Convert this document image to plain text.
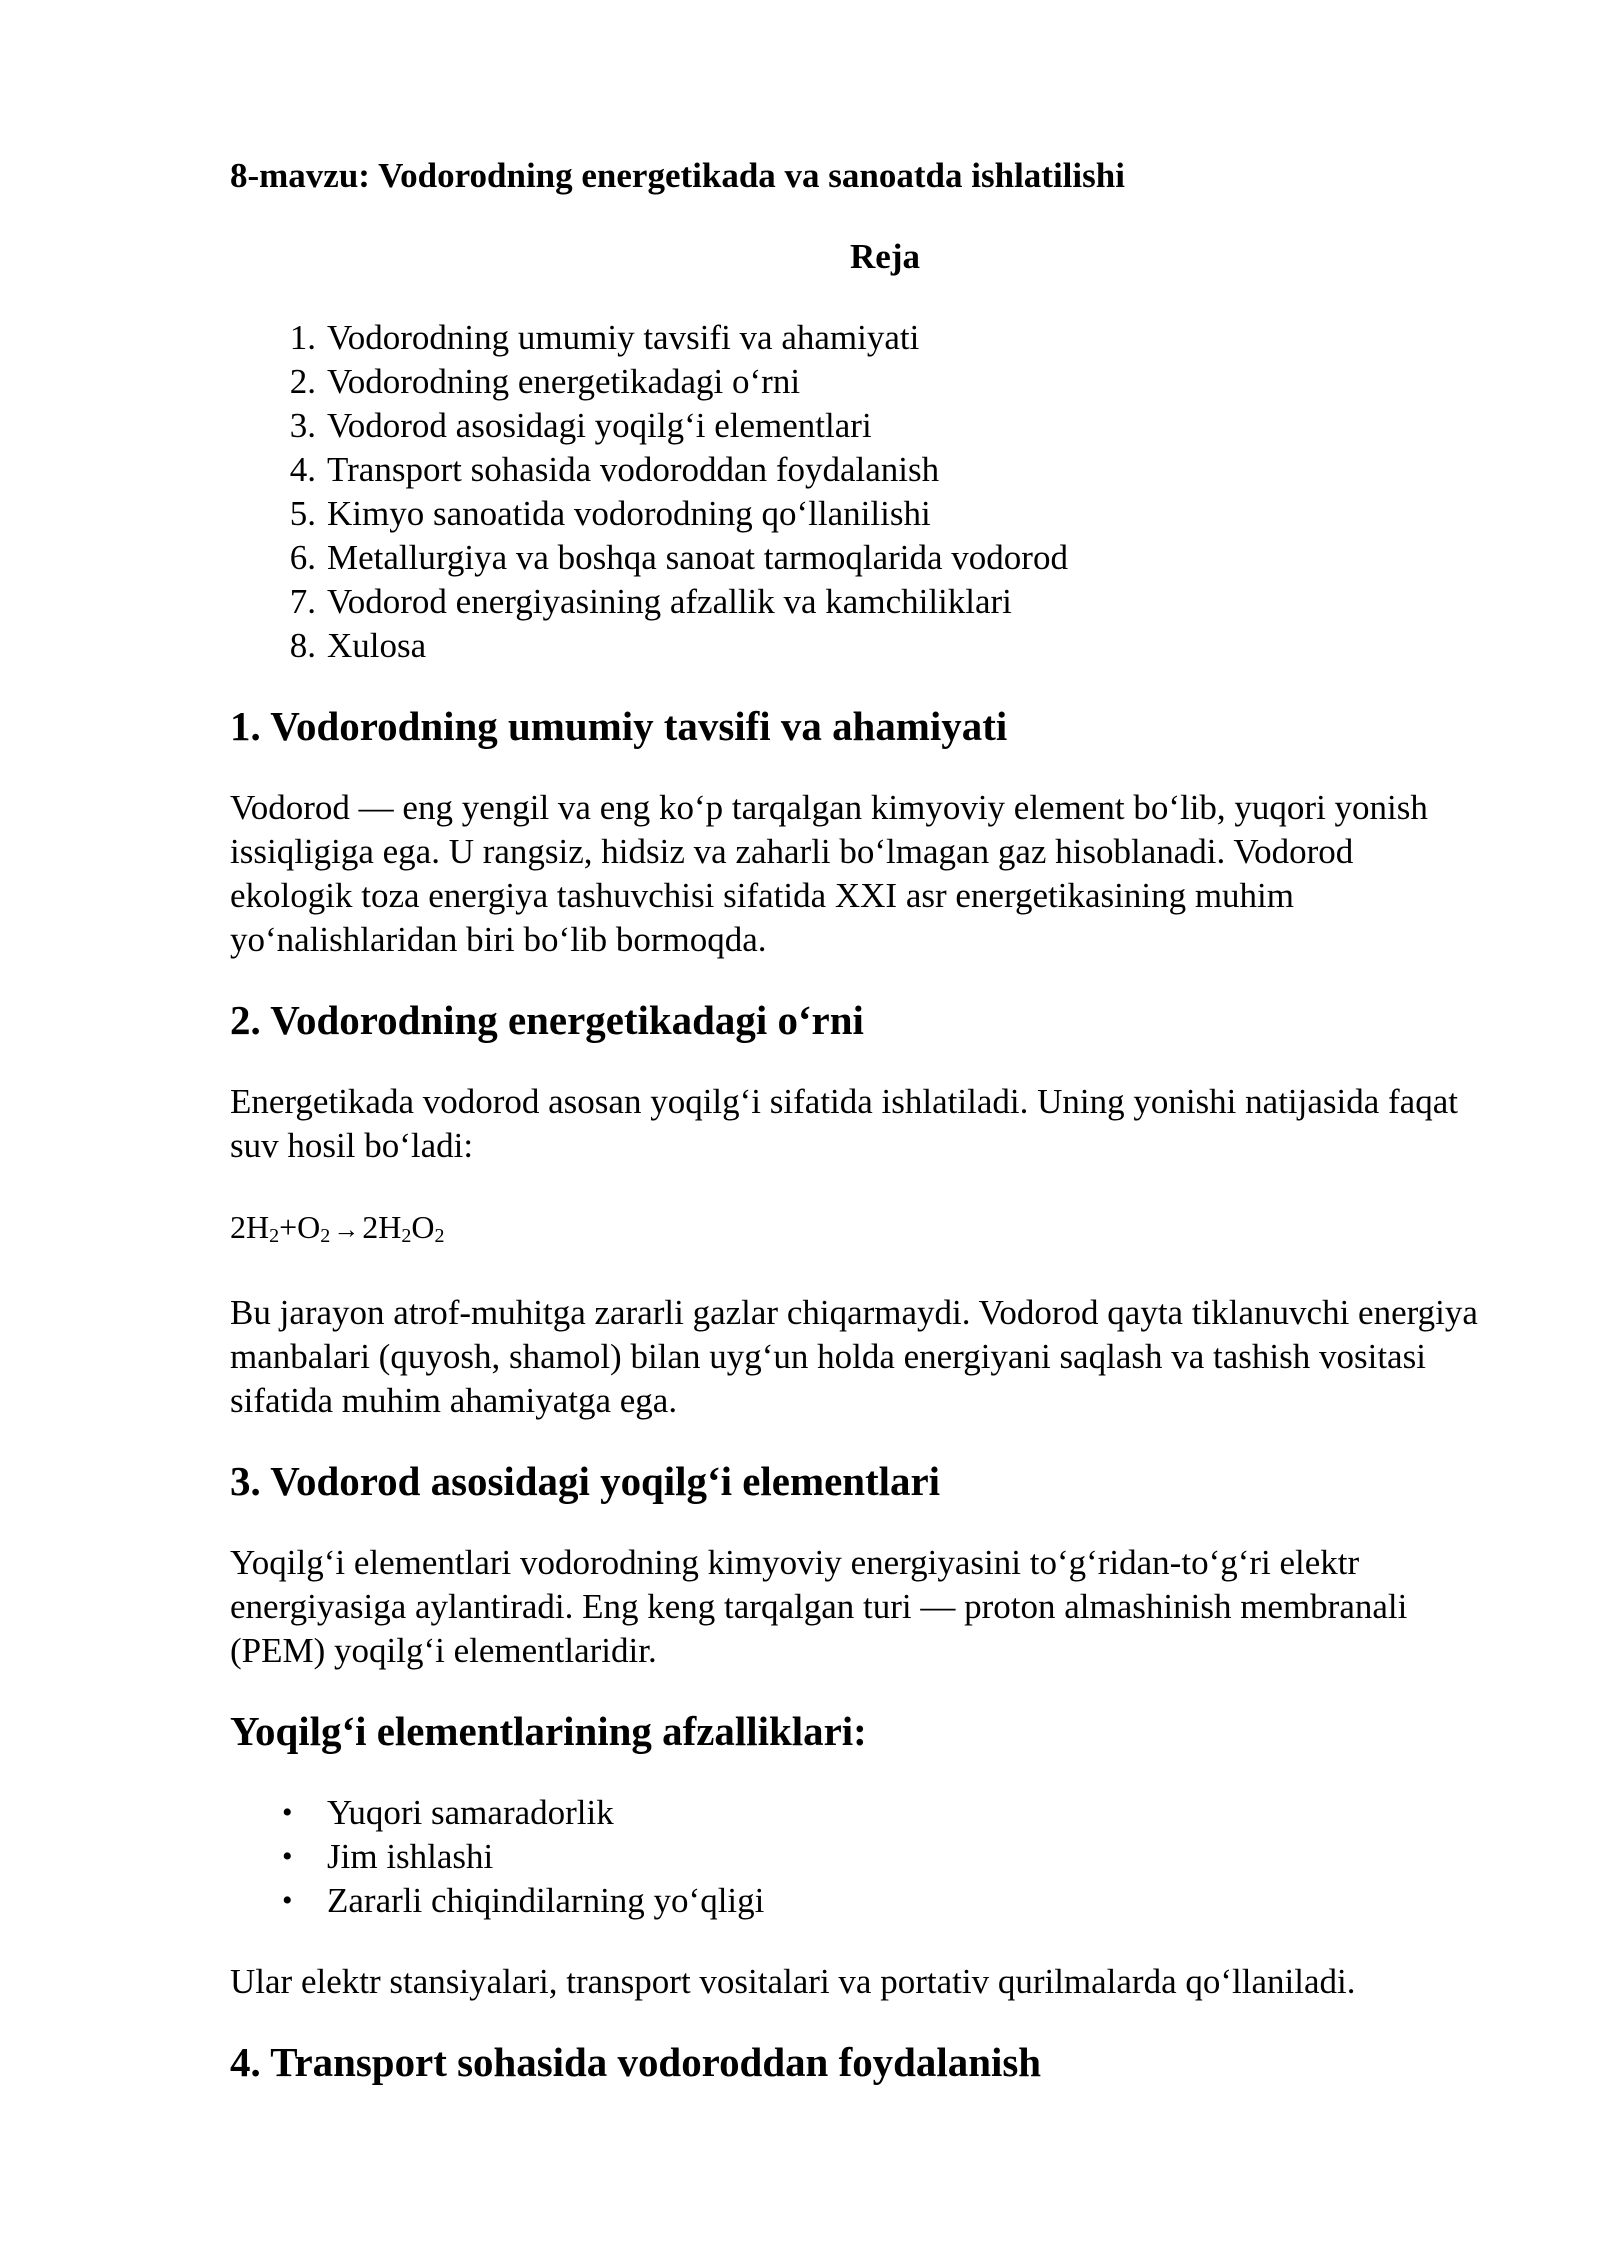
8-mavzu: Vodorodning energetikada va sanoatda ishlatilishi
Reja
1. Vodorodning umumiy tavsifi va ahamiyati
2. Vodorodning energetikadagi o‘rni
3. Vodorod asosidagi yoqilg‘i elementlari
4. Transport sohasida vodoroddan foydalanish
5. Kimyo sanoatida vodorodning qo‘llanilishi
6. Metallurgiya va boshqa sanoat tarmoqlarida vodorod
7. Vodorod energiyasining afzallik va kamchiliklari
8. Xulosa
1. Vodorodning umumiy tavsifi va ahamiyati

Vodorod — eng yengil va eng ko‘p tarqalgan kimyoviy element bo‘lib, yuqori yonish issiqligiga ega. U rangsiz, hidsiz va zaharli bo‘lmagan gaz hisoblanadi. Vodorod ekologik toza energiya tashuvchisi sifatida XXI asr energetikasining muhim yo‘nalishlaridan biri bo‘lib bormoqda.

2. Vodorodning energetikadagi o‘rni

Energetikada vodorod asosan yoqilg‘i sifatida ishlatiladi. Uning yonishi natijasida faqat suv hosil bo‘ladi:

$2H_2+O_2 \to 2H_2O_2$

Bu jarayon atrof-muhitga zararli gazlar chiqarmaydi. Vodorod qayta tiklanuvchi energiya manbalari (quyosh, shamol) bilan uyg‘un holda energiyani saqlash va tashish vositasi sifatida muhim ahamiyatga ega.

3. Vodorod asosidagi yoqilg‘i elementlari

Yoqilg‘i elementlari vodorodning kimyoviy energiyasini to‘g‘ridan-to‘g‘ri elektr energiyasiga aylantiradi. Eng keng tarqalgan turi — proton almashinish membranali (PEM) yoqilg‘i elementlaridir.

Yoqilg‘i elementlarining afzalliklari:
• Yuqori samaradorlik
• Jim ishlashi
• Zararli chiqindilarning yo‘qligi

Ular elektr stansiyalari, transport vositalari va portativ qurilmalarda qo‘llaniladi.

4. Transport sohasida vodoroddan foydalanish
